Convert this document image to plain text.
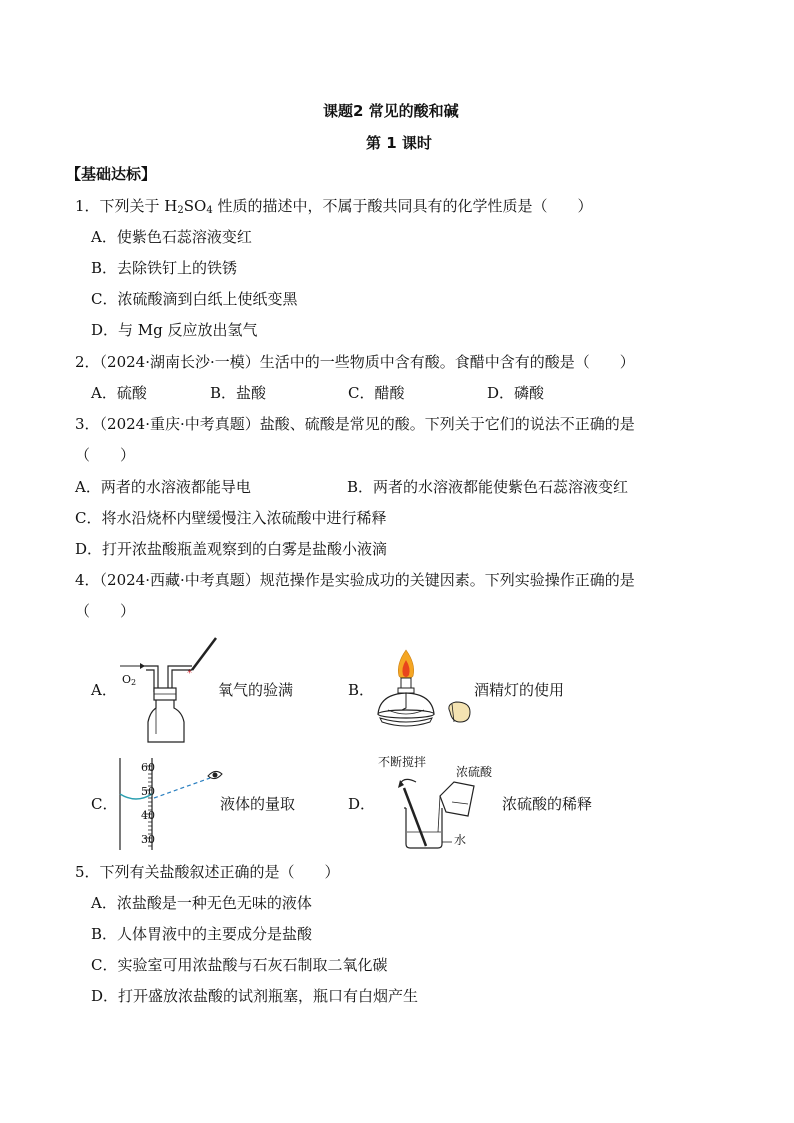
课题2 常见的酸和碱
第 1 课时
【基础达标】
1．下列关于 $H_2SO_4$ 性质的描述中，不属于酸共同具有的化学性质是（　　）
A．使紫色石蕊溶液变红
B．去除铁钉上的铁锈
C．浓硫酸滴到白纸上使纸变黑
D．与 Mg 反应放出氢气
2．（2024·湖南长沙·一模）生活中的一些物质中含有酸。食醋中含有的酸是（　　）
A．硫酸	B．盐酸	C．醋酸	D．磷酸
3．（2024·重庆·中考真题）盐酸、硫酸是常见的酸。下列关于它们的说法不正确的是
（　　）
A．两者的水溶液都能导电	B．两者的水溶液都能使紫色石蕊溶液变红
C．将水沿烧杯内壁缓慢注入浓硫酸中进行稀释
D．打开浓盐酸瓶盖观察到的白雾是盐酸小液滴
4．（2024·西藏·中考真题）规范操作是实验成功的关键因素。下列实验操作正确的是
（　　）
A．
*
$O_2$	氧气的验满	B．	酒精灯的使用
C．
60
50
40
30
液体的量取	D．
不断搅拌
浓硫酸
水
浓硫酸的稀释
5．下列有关盐酸叙述正确的是（　　）
A．浓盐酸是一种无色无味的液体
B．人体胃液中的主要成分是盐酸
C．实验室可用浓盐酸与石灰石制取二氧化碳
D．打开盛放浓盐酸的试剂瓶塞，瓶口有白烟产生
